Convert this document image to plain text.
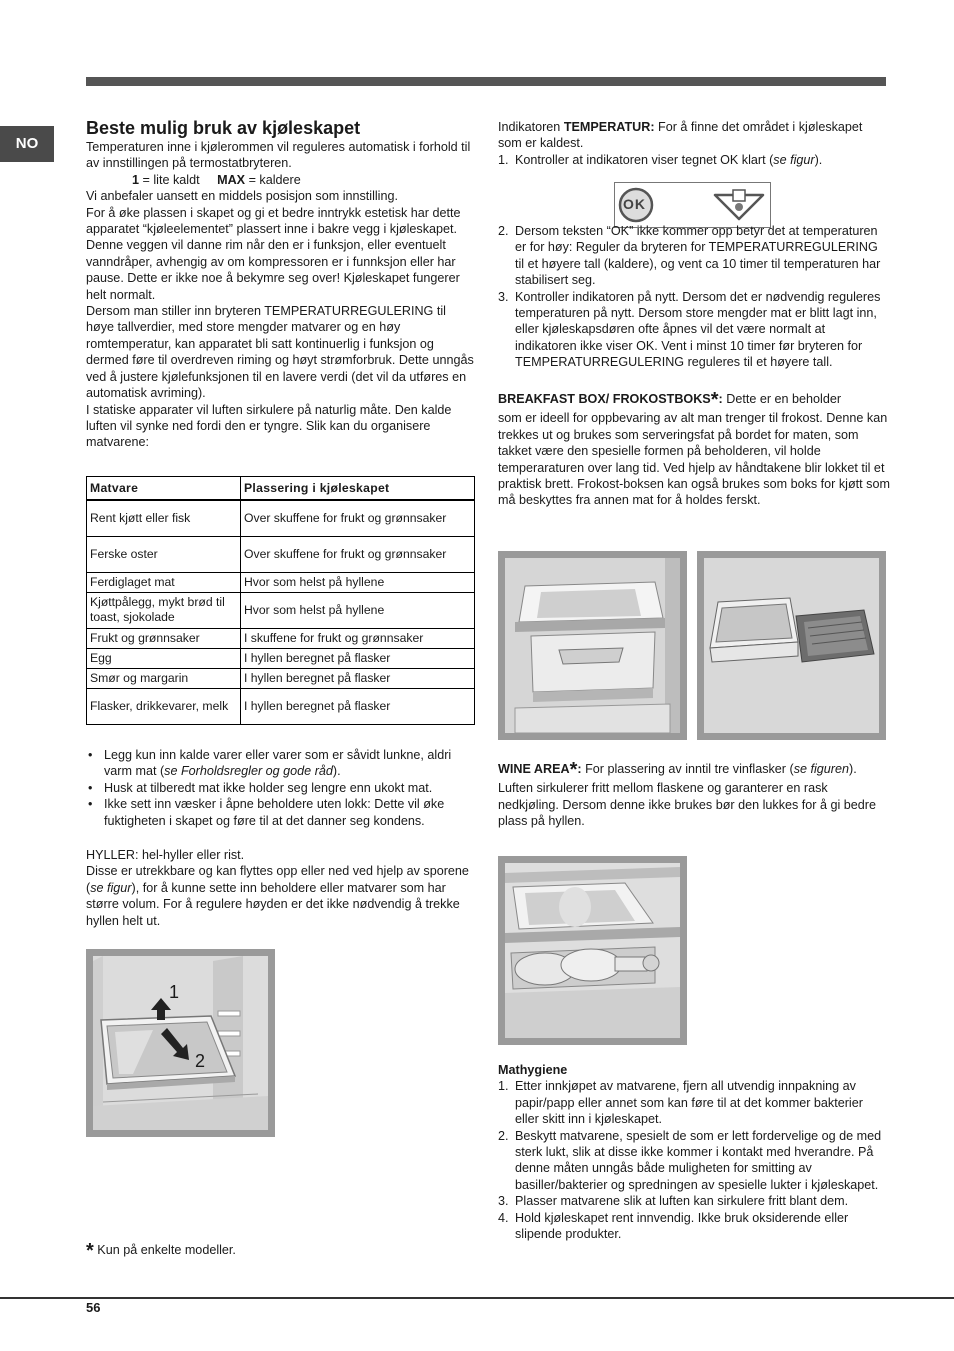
NO
Beste mulig bruk av kjøleskapet

Temperaturen inne i kjølerommen vil reguleres automatisk i forhold til av innstillingen på termostatbryteren.

1 = lite kaldt MAX = kaldere

Vi anbefaler uansett en middels posisjon som innstilling.

For å øke plassen i skapet og gi et bedre inntrykk estetisk har dette apparatet “kjøleelementet” plassert inne i bakre vegg i kjøleskapet. Denne veggen vil danne rim når den er i funksjon, eller eventuelt vanndråper, avhengig av om kompressoren er i funnksjon eller har pause. Dette er ikke noe å bekymre seg over! Kjøleskapet fungerer helt normalt.

Dersom man stiller inn bryteren TEMPERATURREGULERING til høye tallverdier, med store mengder matvarer og en høy romtemperatur, kan apparatet bli satt kontinuerlig i funksjon og dermed føre til overdreven riming og høyt strømforbruk. Dette unngås ved å justere kjølefunksjonen til en lavere verdi (det vil da utføres en automatisk avriming).

I statiske apparater vil luften sirkulere på naturlig måte. Den kalde luften vil synke ned fordi den er tyngre. Slik kan du organisere matvarene:

Matvare	Plassering i kjøleskapet
Rent kjøtt eller fisk	Over skuffene for frukt og grønnsaker
Ferske oster	Over skuffene for frukt og grønnsaker
Ferdiglaget mat	Hvor som helst på hyllene
Kjøttpålegg, mykt brød til toast, sjokolade	Hvor som helst på hyllene
Frukt og grønnsaker	I skuffene for frukt og grønnsaker
Egg	I hyllen beregnet på flasker
Smør og margarin	I hyllen beregnet på flasker
Flasker, drikkevarer, melk	I hyllen beregnet på flasker
• Legg kun inn kalde varer eller varer som er såvidt lunkne, aldri varm mat (se Forholdsregler og gode råd).
• Husk at tilberedt mat ikke holder seg lengre enn ukokt mat.
• Ikke sett inn væsker i åpne beholdere uten lokk: Dette vil øke fuktigheten i skapet og føre til at det danner seg kondens.

HYLLER: hel-hyller eller rist.

Disse er utrekkbare og kan flyttes opp eller ned ved hjelp av sporene (se figur), for å kunne sette inn beholdere eller matvarer som har større volum. For å regulere høyden er det ikke nødvendig å trekke hyllen helt ut.

1
2
* Kun på enkelte modeller.

Indikatoren TEMPERATUR: For å finne det området i kjøleskapet som er kaldest.

1. Kontroller at indikatoren viser tegnet OK klart (se figur).
OK
2. Dersom teksten “OK” ikke kommer opp betyr det at temperaturen er for høy: Reguler da bryteren for TEMPERATURREGULERING til et høyere tall (kaldere), og vent ca 10 timer til temperaturen har stabilisert seg.
3. Kontroller indikatoren på nytt. Dersom det er nødvendig reguleres temperaturen på nytt. Dersom store mengder mat er blitt lagt inn, eller kjøleskapsdøren ofte åpnes vil det være normalt at indikatoren ikke viser OK. Vent i minst 10 timer før bryteren for TEMPERATURREGULERING reguleres til et høyere tall.

BREAKFAST BOX/ FROKOSTBOKS*: Dette er en beholder

som er ideell for oppbevaring av alt man trenger til frokost. Denne kan trekkes ut og brukes som serveringsfat på bordet for maten, som takket være den spesielle formen på beholderen, vil holde temperaraturen over lang tid. Ved hjelp av håndtakene blir lokket til et praktisk brett. Frokost-boksen kan også brukes som boks for kjøtt som må beskyttes fra annen mat for å holdes ferskt.

WINE AREA*: For plassering av inntil tre vinflasker (se figuren).

Luften sirkulerer fritt mellom flaskene og garanterer en rask nedkjøling. Dersom denne ikke brukes bør den lukkes for å gi bedre plass på hyllen.

Mathygiene

1. Etter innkjøpet av matvarene, fjern all utvendig innpakning av papir/papp eller annet som kan føre til at det kommer bakterier eller skitt inn i kjøleskapet.
2. Beskytt matvarene, spesielt de som er lett fordervelige og de med sterk lukt, slik at disse ikke kommer i kontakt med hverandre. På denne måten unngås både muligheten for smitting av basiller/bakterier og spredningen av spesielle lukter i kjøleskapet.
3. Plasser matvarene slik at luften kan sirkulere fritt blant dem.
4. Hold kjøleskapet rent innvendig. Ikke bruk oksiderende eller slipende produkter.
56
